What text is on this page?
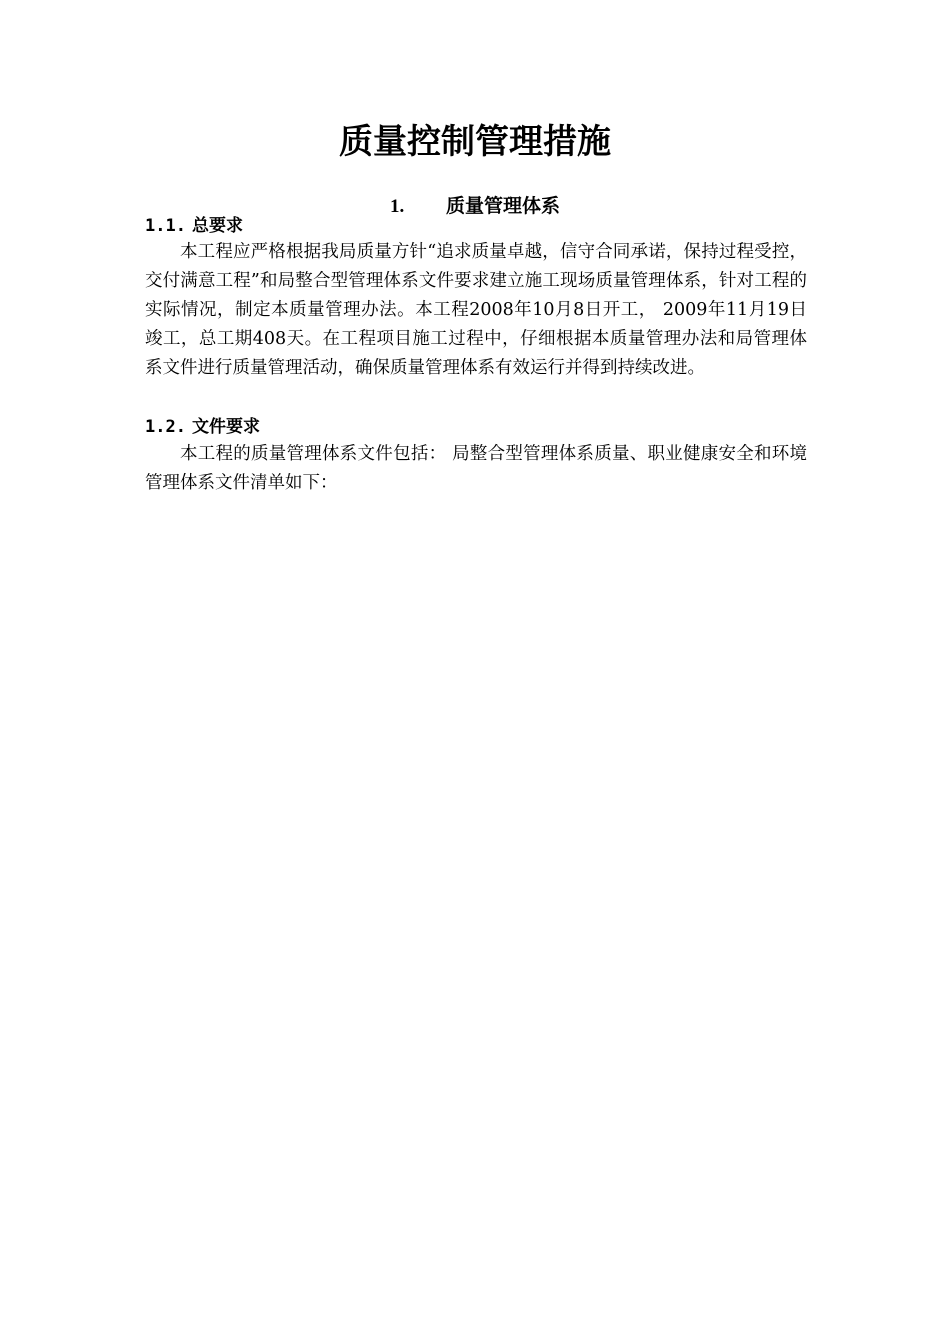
质量控制管理措施
1. 质量管理体系
1.1. 总要求

本工程应严格根据我局质量方针“追求质量卓越，信守合同承诺，保持过程受控，交付满意工程”和局整合型管理体系文件要求建立施工现场质量管理体系，针对工程的实际情况，制定本质量管理办法。本工程2008年10月8日开工， 2009年11月19日竣工，总工期408天。在工程项目施工过程中，仔细根据本质量管理办法和局管理体系文件进行质量管理活动，确保质量管理体系有效运行并得到持续改进。

1.2. 文件要求

本工程的质量管理体系文件包括： 局整合型管理体系质量、职业健康安全和环境管理体系文件清单如下：
